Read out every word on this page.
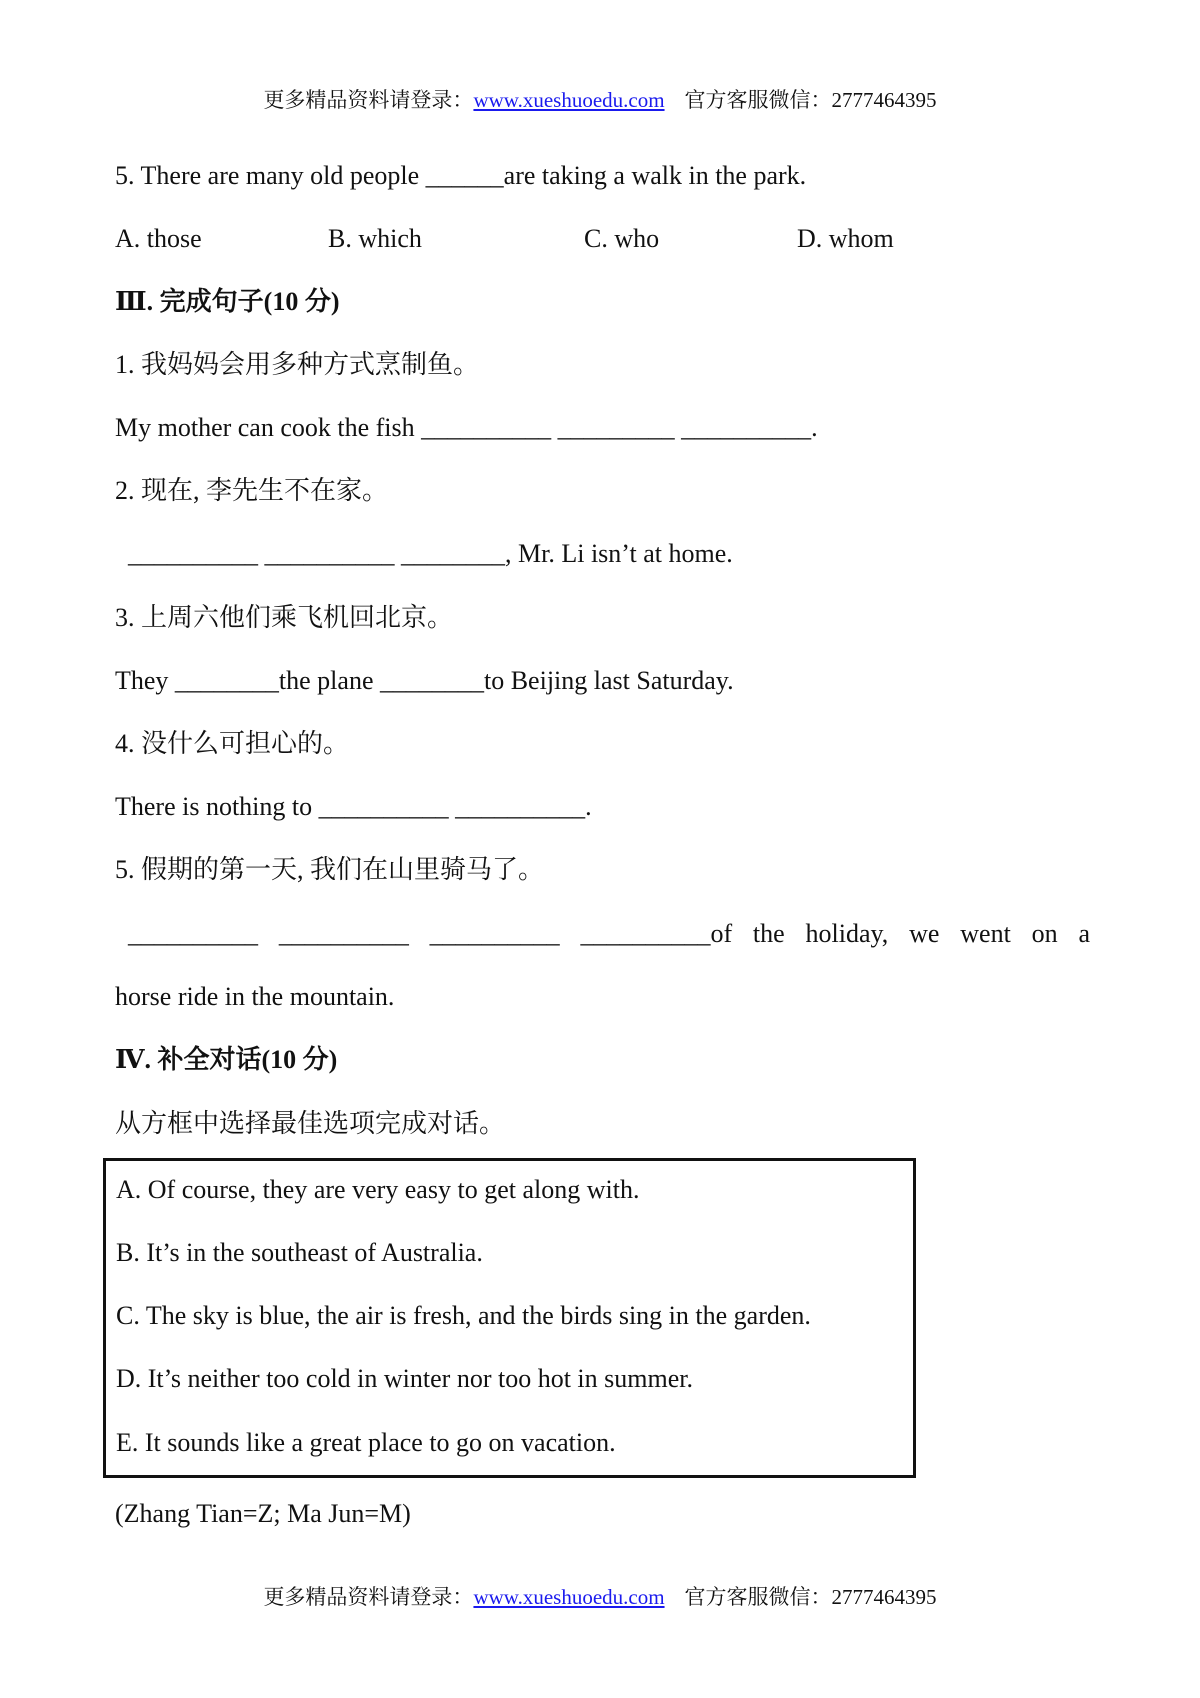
更多精品资料请登录：www.xueshuoedu.com 官方客服微信：2777464395
5. There are many old people ______are taking a walk in the park.
A. those	B. which	C. who	D. whom
Ⅲ. 完成句子(10 分)
1. 我妈妈会用多种方式烹制鱼。
My mother can cook the fish __________ _________ __________.
2. 现在, 李先生不在家。
__________ __________ ________, Mr. Li isn’t at home.
3. 上周六他们乘飞机回北京。
They ________the plane ________to Beijing last Saturday.
4. 没什么可担心的。
There is nothing to __________ __________.
5. 假期的第一天, 我们在山里骑马了。
__________ __________ __________ __________of the holiday, we went on a
horse ride in the mountain.
Ⅳ. 补全对话(10 分)
从方框中选择最佳选项完成对话。
A. Of course, they are very easy to get along with.
B. It’s in the southeast of Australia.
C. The sky is blue, the air is fresh, and the birds sing in the garden.
D. It’s neither too cold in winter nor too hot in summer.
E. It sounds like a great place to go on vacation.
(Zhang Tian=Z; Ma Jun=M)
更多精品资料请登录：www.xueshuoedu.com 官方客服微信：2777464395
